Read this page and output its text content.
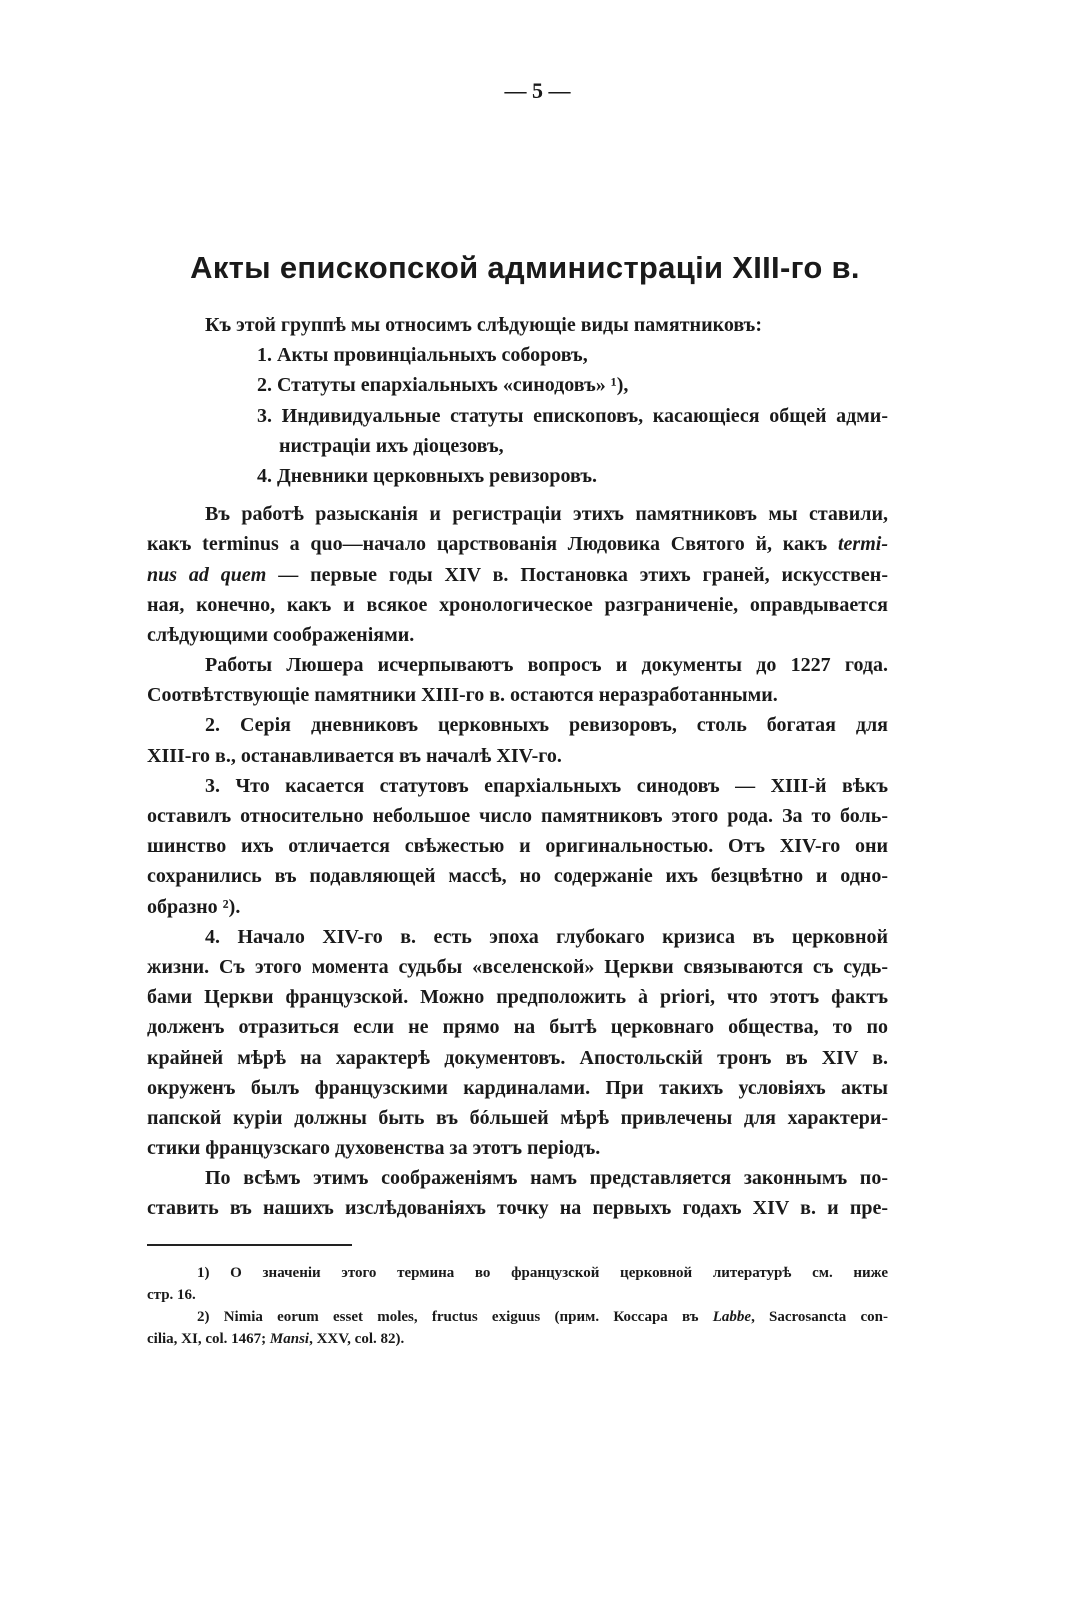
— 5 —
Акты епископской администрацiи XIII-го в.
Къ этой группѣ мы относимъ слѣдующiе виды памятниковъ:
1. Акты провинцiальныхъ соборовъ,
2. Статуты епархiальныхъ «синодовъ» ¹),
3. Индивидуальные статуты епископовъ, касающiеся общей адми-
нистрацiи ихъ дiоцезовъ,
4. Дневники церковныхъ ревизоровъ.
Въ работѣ разысканiя и регистрацiи этихъ памятниковъ мы ставили,
какъ terminus a quo—начало царствованiя Людовика Святого й, какъ termi-
nus ad quem — первые годы XIV в. Постановка этихъ граней, искусствен-
ная, конечно, какъ и всякое хронологическое разграниченiе, оправдывается
слѣдующими соображенiями.
Работы Люшера исчерпываютъ вопросъ и документы до 1227 года.
Соотвѣтствующiе памятники XIII-го в. остаются неразработанными.
2. Серiя дневниковъ церковныхъ ревизоровъ, столь богатая для
XIII-го в., останавливается въ началѣ XIV-го.
3. Что касается статутовъ епархiальныхъ синодовъ — XIII-й вѣкъ
оставилъ относительно небольшое число памятниковъ этого рода. За то боль-
шинство ихъ отличается свѣжестью и оригинальностью. Отъ XIV-го они
сохранились въ подавляющей массѣ, но содержанiе ихъ безцвѣтно и одно-
образно ²).
4. Начало XIV-го в. есть эпоха глубокаго кризиса въ церковной
жизни. Съ этого момента судьбы «вселенской» Церкви связываются съ судь-
бами Церкви французской. Можно предположить à priori, что этотъ фактъ
долженъ отразиться если не прямо на бытѣ церковнаго общества, то по
крайней мѣрѣ на характерѣ документовъ. Апостольскiй тронъ въ XIV в.
окруженъ былъ французскими кардиналами. При такихъ условiяхъ акты
папской курiи должны быть въ бóльшей мѣрѣ привлечены для характери-
стики французскаго духовенства за этотъ перiодъ.
По всѣмъ этимъ соображенiямъ намъ представляется законнымъ по-
ставить въ нашихъ изслѣдованiяхъ точку на первыхъ годахъ XIV в. и пре-
1) О значенiи этого термина во французской церковной литературѣ см. ниже
стр. 16.
2) Nimia eorum esset moles, fructus exiguus (прим. Коссара въ Labbe, Sacrosancta con-
cilia, XI, col. 1467; Mansi, XXV, col. 82).
